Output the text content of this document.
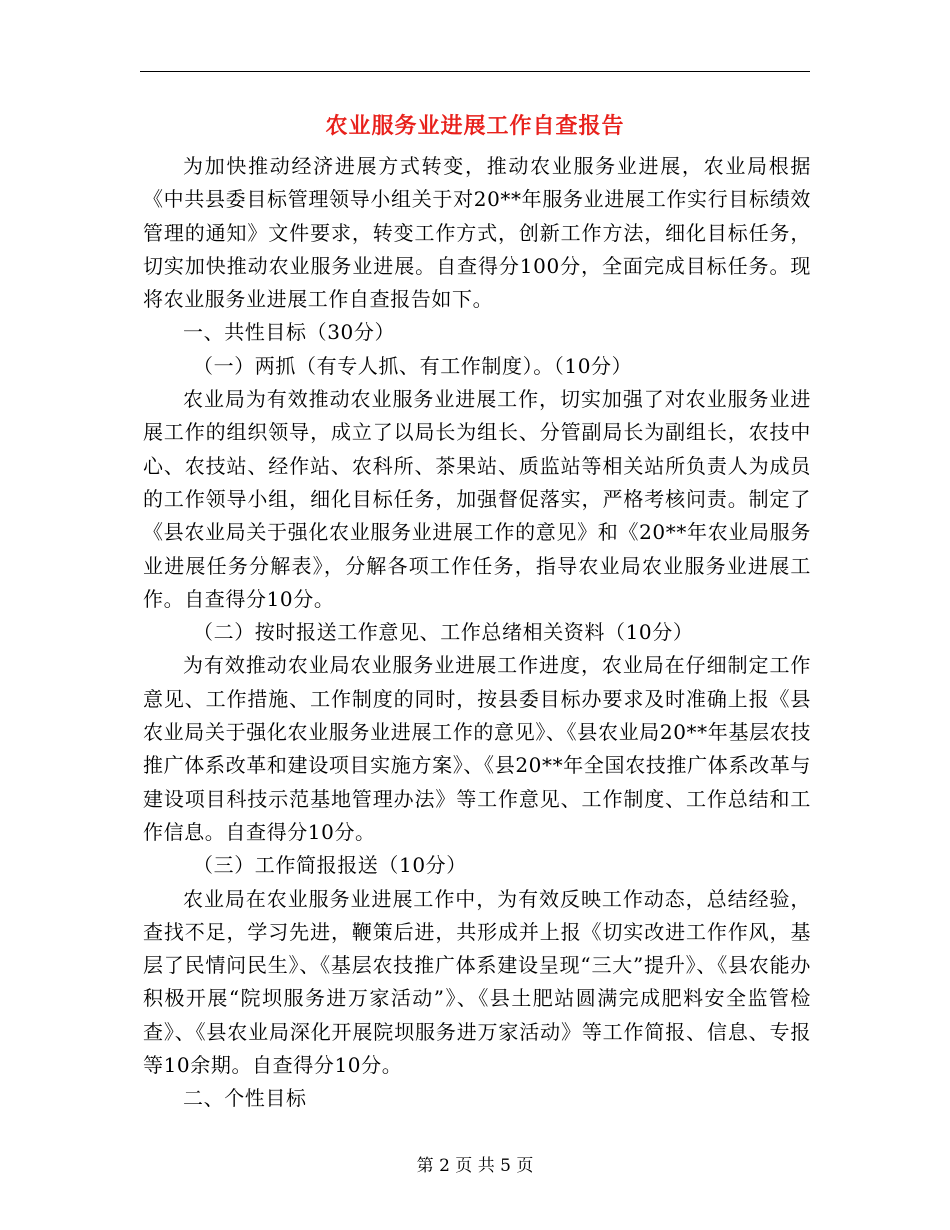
农业服务业进展工作自查报告

为加快推动经济进展方式转变，推动农业服务业进展，农业局根据《中共县委目标管理领导小组关于对20**年服务业进展工作实行目标绩效管理的通知》文件要求，转变工作方式，创新工作方法，细化目标任务，切实加快推动农业服务业进展。自查得分100分，全面完成目标任务。现将农业服务业进展工作自查报告如下。

一、共性目标（30分）

（一）两抓（有专人抓、有工作制度）。（10分）

农业局为有效推动农业服务业进展工作，切实加强了对农业服务业进展工作的组织领导，成立了以局长为组长、分管副局长为副组长，农技中心、农技站、经作站、农科所、茶果站、质监站等相关站所负责人为成员的工作领导小组，细化目标任务，加强督促落实，严格考核问责。制定了《县农业局关于强化农业服务业进展工作的意见》和《20**年农业局服务业进展任务分解表》，分解各项工作任务，指导农业局农业服务业进展工作。自查得分10分。

（二）按时报送工作意见、工作总绪相关资料（10分）

为有效推动农业局农业服务业进展工作进度，农业局在仔细制定工作意见、工作措施、工作制度的同时，按县委目标办要求及时准确上报《县农业局关于强化农业服务业进展工作的意见》、《县农业局20**年基层农技推广体系改革和建设项目实施方案》、《县20**年全国农技推广体系改革与建设项目科技示范基地管理办法》等工作意见、工作制度、工作总结和工作信息。自查得分10分。

（三）工作简报报送（10分）

农业局在农业服务业进展工作中，为有效反映工作动态，总结经验，查找不足，学习先进，鞭策后进，共形成并上报《切实改进工作作风，基层了民情问民生》、《基层农技推广体系建设呈现“三大”提升》、《县农能办积极开展“院坝服务进万家活动”》、《县土肥站圆满完成肥料安全监管检查》、《县农业局深化开展院坝服务进万家活动》等工作简报、信息、专报等10余期。自查得分10分。

二、个性目标

第 2 页 共 5 页
